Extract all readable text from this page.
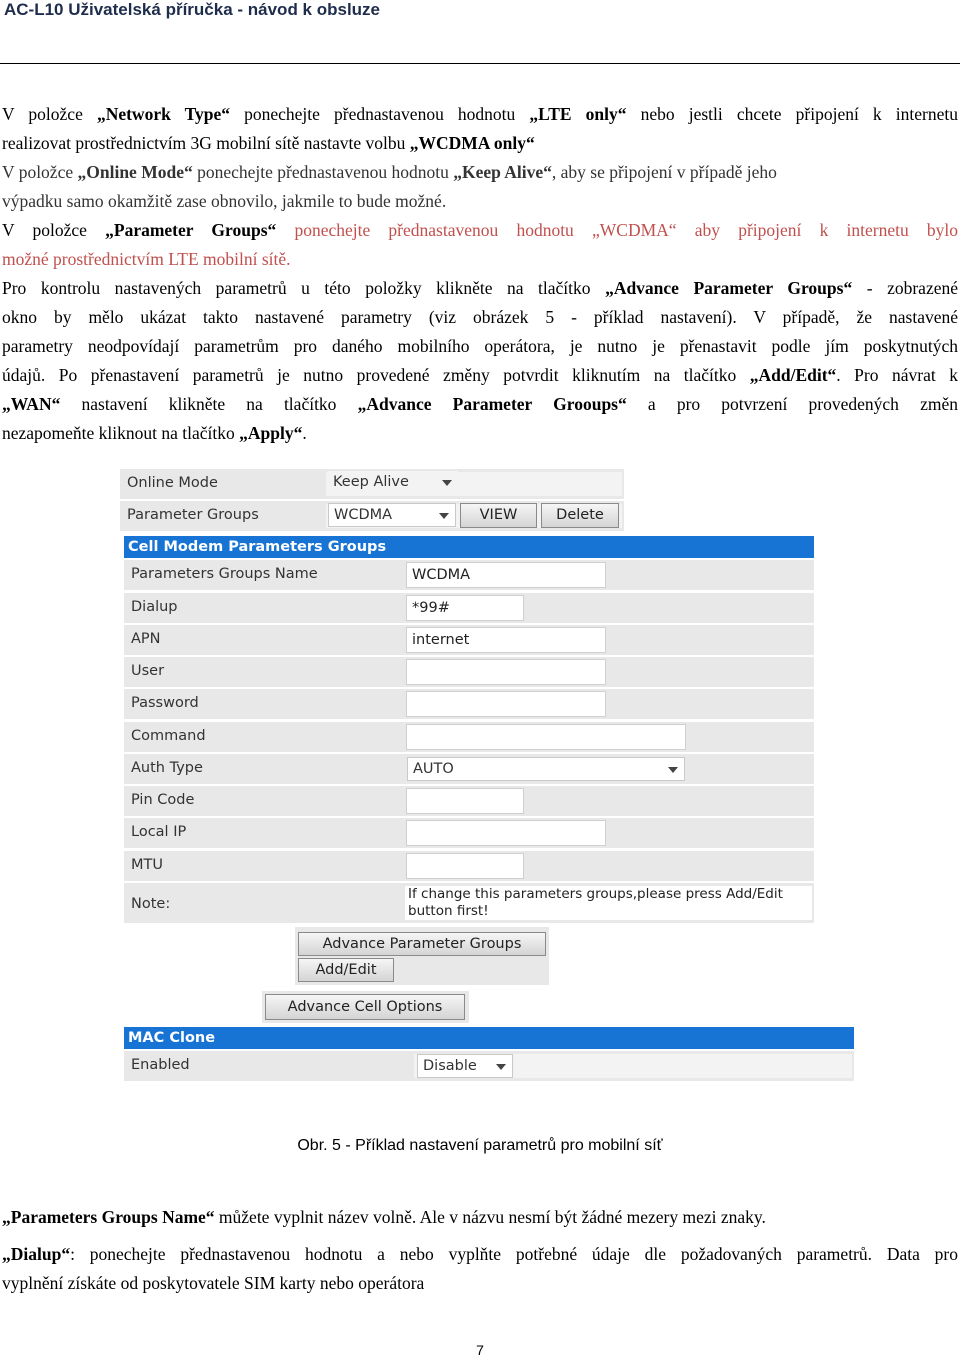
AC-L10 Uživatelská příručka - návod k obsluze

V položce „Network Type“ ponechejte přednastavenou hodnotu „LTE only“ nebo jestli chcete připojení k internetu

realizovat prostřednictvím 3G mobilní sítě nastavte volbu „WCDMA only“

V položce „Online Mode“ ponechejte přednastavenou hodnotu „Keep Alive“, aby se připojení v případě jeho

výpadku samo okamžitě zase obnovilo, jakmile to bude možné.

V položce „Parameter Groups“ ponechejte přednastavenou hodnotu „WCDMA“ aby připojení k internetu bylo

možné prostřednictvím LTE mobilní sítě.

Pro kontrolu nastavených parametrů u této položky klikněte na tlačítko „Advance Parameter Groups“ - zobrazené

okno by mělo ukázat takto nastavené parametry (viz obrázek 5 - příklad nastavení). V případě, že nastavené

parametry neodpovídají parametrům pro daného mobilního operátora, je nutno je přenastavit podle jím poskytnutých

údajů. Po přenastavení parametrů je nutno provedené změny potvrdit kliknutím na tlačítko „Add/Edit“. Pro návrat k

„WAN“ nastavení klikněte na tlačítko „Advance Parameter Grooups“ a pro potvrzení provedených změn

nezapomeňte kliknout na tlačítko „Apply“.

Online Mode	Keep Alive
Parameter Groups	WCDMA	VIEW	Delete
Cell Modem Parameters Groups
Parameters Groups Name	WCDMA
Dialup	*99#
APN	internet
User
Password
Command
Auth Type	AUTO
Pin Code
Local IP
MTU
Note:
If change this parameters groups,please press Add/Edit button first!
Advance Parameter Groups
Add/Edit
Advance Cell Options
MAC Clone
Enabled	Disable
Obr. 5 - Příklad nastavení parametrů pro mobilní síť

„Parameters Groups Name“ můžete vyplnit název volně. Ale v názvu nesmí být žádné mezery mezi znaky.

„Dialup“: ponechejte přednastavenou hodnotu a nebo vyplňte potřebné údaje dle požadovaných parametrů. Data pro

vyplnění získáte od poskytovatele SIM karty nebo operátora

7
